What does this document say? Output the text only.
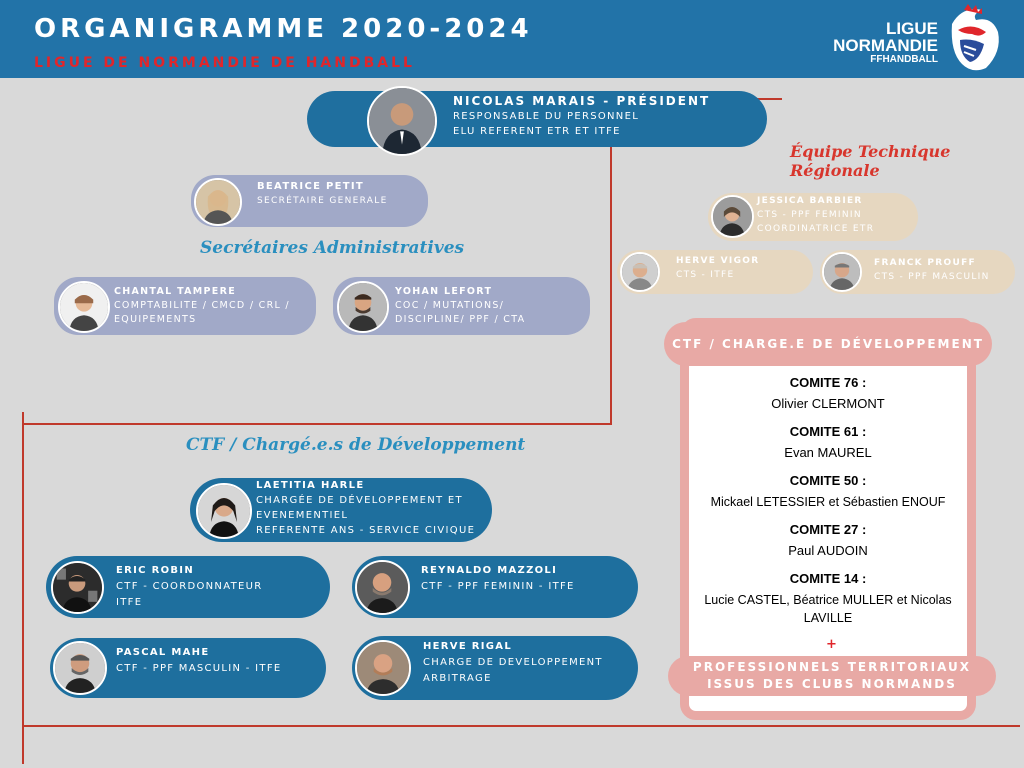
ORGANIGRAMME 2020-2024
LIGUE DE NORMANDIE DE HANDBALL
LIGUE
NORMANDIE
FFHANDBALL
NICOLAS MARAIS - PRÉSIDENT
RESPONSABLE DU PERSONNEL
ELU REFERENT ETR ET ITFE
BEATRICE PETIT
SECRÉTAIRE GENERALE
Secrétaires Administratives
CHANTAL TAMPERE
COMPTABILITE / CMCD / CRL /
EQUIPEMENTS
YOHAN LEFORT
COC / MUTATIONS/
DISCIPLINE/ PPF / CTA
Équipe Technique Régionale
JESSICA BARBIER
CTS - PPF FEMININ
COORDINATRICE ETR
HERVE VIGOR
CTS - ITFE
FRANCK PROUFF
CTS - PPF MASCULIN
CTF / Chargé.e.s de Développement
LAETITIA HARLE
CHARGÉE DE DÉVELOPPEMENT ET
EVENEMENTIEL
REFERENTE ANS - SERVICE CIVIQUE
ERIC ROBIN
CTF - COORDONNATEUR
ITFE
REYNALDO MAZZOLI
CTF - PPF FEMININ - ITFE
PASCAL MAHE
CTF - PPF MASCULIN - ITFE
HERVE RIGAL
CHARGE DE DEVELOPPEMENT
ARBITRAGE
CTF / CHARGE.E DE DÉVELOPPEMENT
COMITE 76 :
Olivier CLERMONT
COMITE 61 :
Evan MAUREL
COMITE 50 :
Mickael LETESSIER et Sébastien ENOUF
COMITE 27 :
Paul AUDOIN
COMITE 14 :
Lucie CASTEL, Béatrice MULLER et Nicolas
LAVILLE
+
PROFESSIONNELS TERRITORIAUX
ISSUS DES CLUBS NORMANDS
